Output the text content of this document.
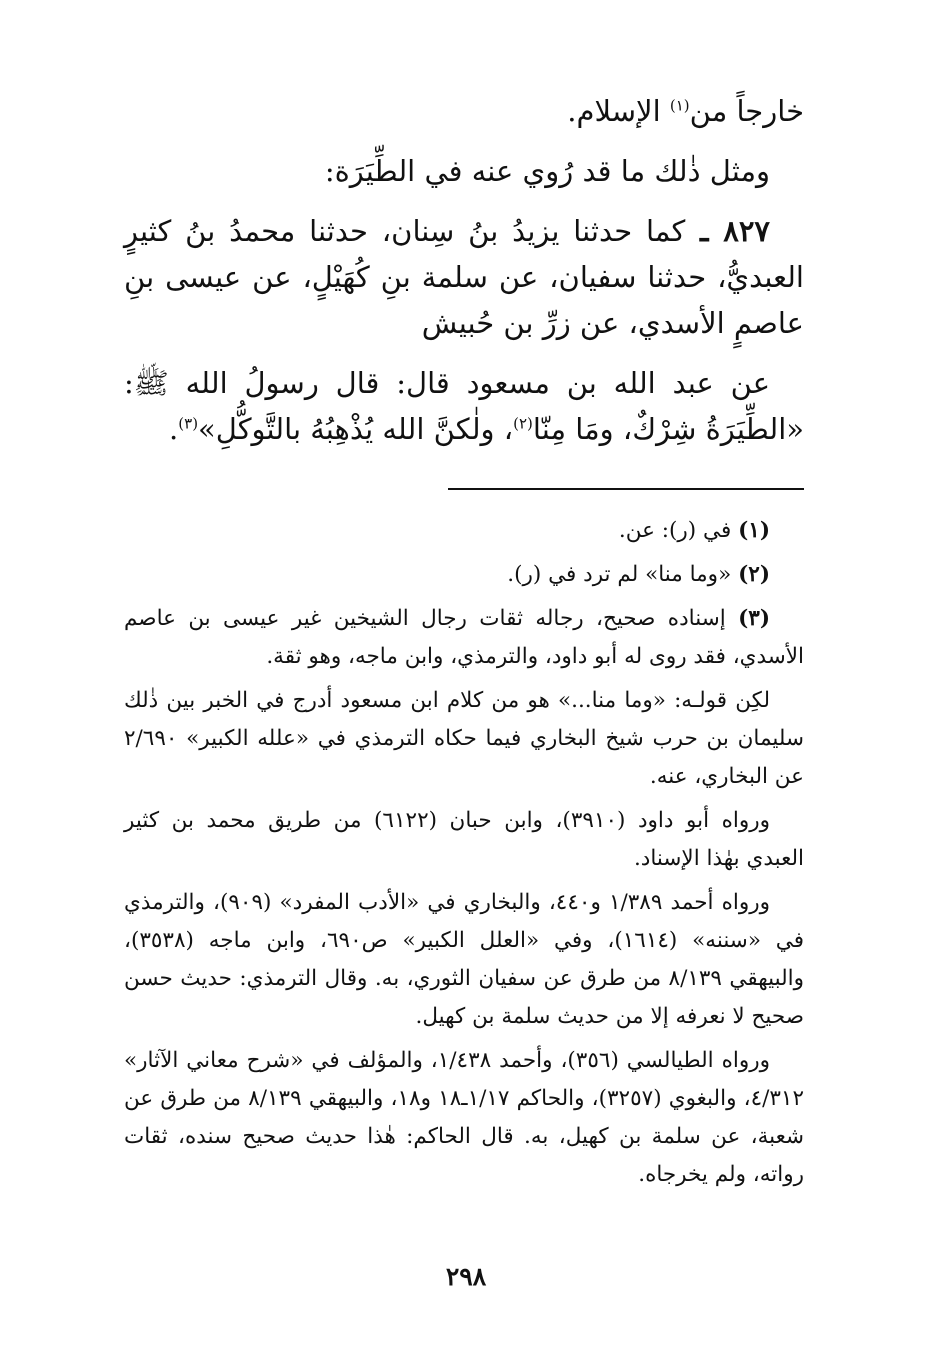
خارجاً من$^{(١)}$ الإسلام.

ومثل ذٰلك ما قد رُوي عنه في الطِّيَرَة:

٨٢٧ ـ كما حدثنا يزيدُ بنُ سِنان، حدثنا محمدُ بنُ كثيرٍ العبديُّ، حدثنا سفيان، عن سلمة بنِ كُهَيْلٍ، عن عيسى بنِ عاصمٍ الأسدي، عن زرِّ بن حُبيش

عن عبد الله بن مسعود قال: قال رسولُ الله ﷺ: «الطِّيَرَةُ شِرْكٌ، ومَا مِنّا$^{(٢)}$، ولٰكنَّ الله يُذْهِبُهُ بالتَّوكُّلِ»$^{(٣)}$.

(١) في (ر): عن.

(٢) «وما منا» لم ترد في (ر).

(٣) إسناده صحيح، رجاله ثقات رجال الشيخين غير عيسى بن عاصم الأسدي، فقد روى له أبو داود، والترمذي، وابن ماجه، وهو ثقة.

لكِن قولـه: «وما منا...» هو من كلام ابن مسعود أدرج في الخبر بين ذٰلك سليمان بن حرب شيخ البخاري فيما حكاه الترمذي في «علله الكبير» ٢/٦٩٠ عن البخاري، عنه.

ورواه أبو داود (٣٩١٠)، وابن حبان (٦١٢٢) من طريق محمد بن كثير العبدي بهٰذا الإسناد.

ورواه أحمد ١/٣٨٩ و٤٤٠، والبخاري في «الأدب المفرد» (٩٠٩)، والترمذي في «سننه» (١٦١٤)، وفي «العلل الكبير» ص٦٩٠، وابن ماجه (٣٥٣٨)، والبيهقي ٨/١٣٩ من طرق عن سفيان الثوري، به. وقال الترمذي: حديث حسن صحيح لا نعرفه إلا من حديث سلمة بن كهيل.

ورواه الطيالسي (٣٥٦)، وأحمد ١/٤٣٨، والمؤلف في «شرح معاني الآثار» ٤/٣١٢، والبغوي (٣٢٥٧)، والحاكم ١/١٧ـ١٨ و١٨، والبيهقي ٨/١٣٩ من طرق عن شعبة، عن سلمة بن كهيل، به. قال الحاكم: هٰذا حديث صحيح سنده، ثقات رواته، ولم يخرجاه.

٢٩٨
